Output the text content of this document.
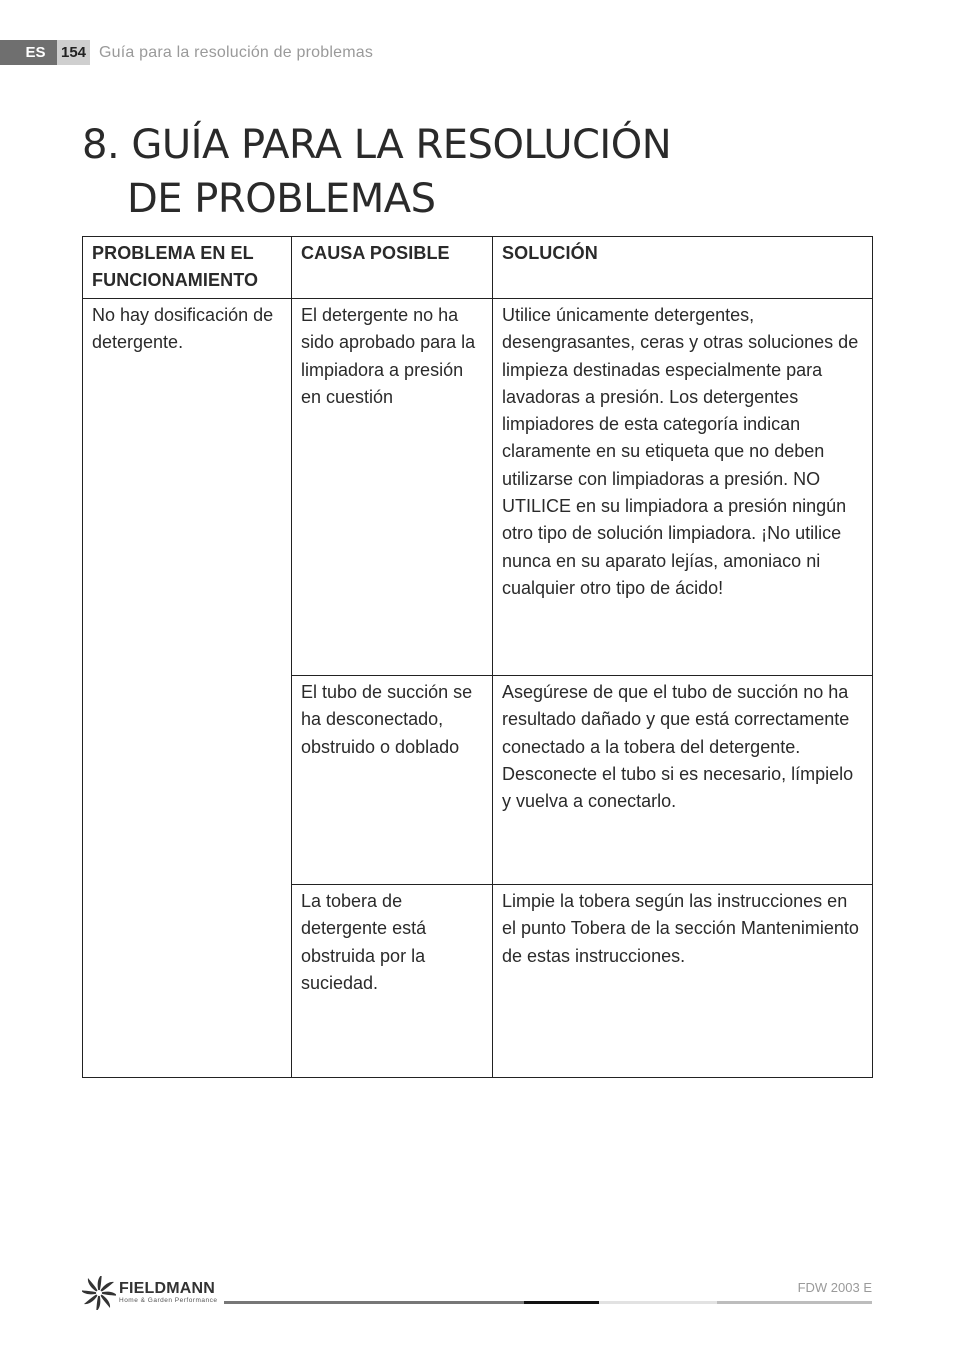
ES	154 Guía para la resolución de problemas
8. GUÍA PARA LA RESOLUCIÓN
DE PROBLEMAS
PROBLEMA EN EL FUNCIONAMIENTO	CAUSA POSIBLE	SOLUCIÓN
No hay dosificación de detergente.	El detergente no ha sido aprobado para la limpiadora a presión en cuestión	Utilice únicamente detergentes, desengrasantes, ceras y otras soluciones de limpieza destinadas especialmente para lavadoras a presión. Los detergentes limpiadores de esta categoría indican claramente en su etiqueta que no deben utilizarse con limpiadoras a presión. NO UTILICE en su limpiadora a presión ningún otro tipo de solución limpiadora. ¡No utilice nunca en su aparato lejías, amoniaco ni cualquier otro tipo de ácido!
	El tubo de succión se ha desconectado, obstruido o doblado	Asegúrese de que el tubo de succión no ha resultado dañado y que está correctamente conectado a la tobera del detergente. Desconecte el tubo si es necesario, límpielo y vuelva a conectarlo.
	La tobera de detergente está obstruida por la suciedad.	Limpie la tobera según las instrucciones en el punto Tobera de la sección Mantenimiento de estas instrucciones.
FIELDMANN
Home & Garden Performance
FDW 2003 E
